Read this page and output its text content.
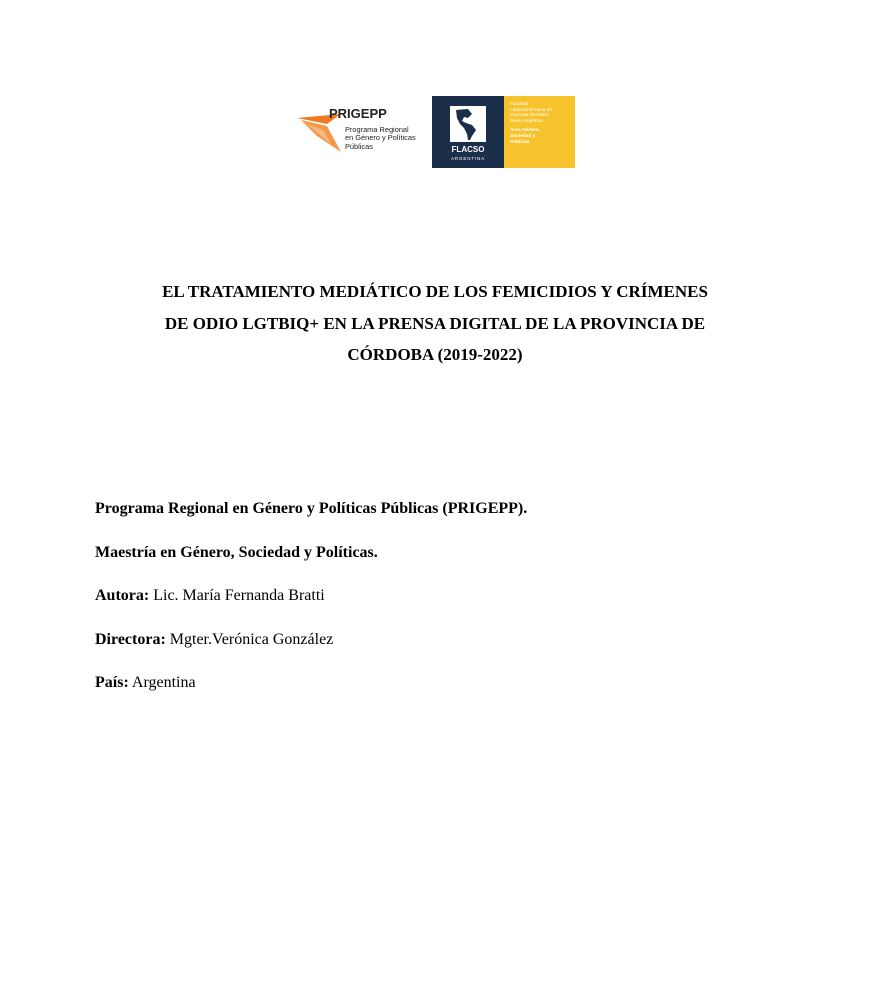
PRIGEPP
Programa Regional
en Género y Políticas
Públicas	FLACSO
ARGENTINA
Facultad
Latinoamericana de
Ciencias Sociales,
Sede Argentina
Área Género,
Sociedad y
Políticas
EL TRATAMIENTO MEDIÁTICO DE LOS FEMICIDIOS Y CRÍMENES
DE ODIO LGTBIQ+ EN LA PRENSA DIGITAL DE LA PROVINCIA DE
CÓRDOBA (2019-2022)
Programa Regional en Género y Políticas Públicas (PRIGEPP).
Maestría en Género, Sociedad y Políticas.
Autora: Lic. María Fernanda Bratti
Directora: Mgter.Verónica González
País: Argentina
